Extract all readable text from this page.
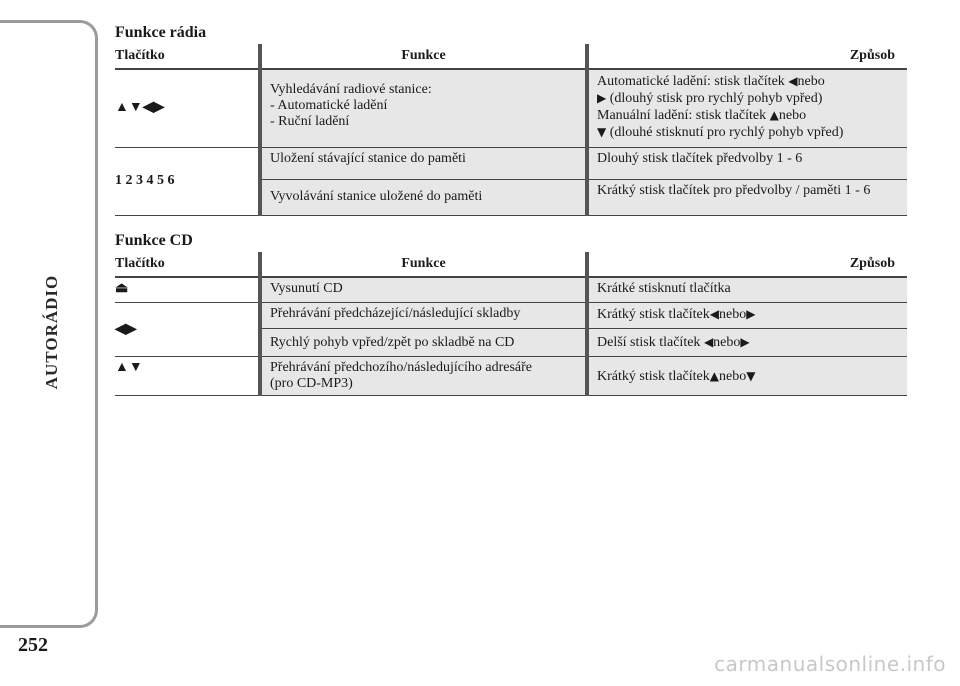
AUTORÁDIO
252
carmanualsonline.info
Funkce rádia
Tlačítko	Funkce	Způsob
▲▼◀▶	Vyhledávání radiové stanice:
- Automatické ladění
- Ruční ladění	Automatické ladění: stisk tlačítek ◀nebo
▶ (dlouhý stisk pro rychlý pohyb vpřed)
Manuální ladění: stisk tlačítek ▲nebo
▼ (dlouhé stisknutí pro rychlý pohyb vpřed)

1 2 3 4 5 6	Uložení stávající stanice do paměti	Dlouhý stisk tlačítek předvolby 1 - 6
	Vyvolávání stanice uložené do paměti	Krátký stisk tlačítek pro předvolby / paměti 1 - 6
Funkce CD
Tlačítko	Funkce	Způsob
⏏	Vysunutí CD	Krátké stisknutí tlačítka
◀▶	Přehrávání předcházející/následující skladby	Krátký stisk tlačítek◀nebo▶
	Rychlý pohyb vpřed/zpět po skladbě na CD	Delší stisk tlačítek ◀nebo▶
▲▼	Přehrávání předchozího/následujícího adresáře
(pro CD-MP3)	Krátký stisk tlačítek▲nebo▼
